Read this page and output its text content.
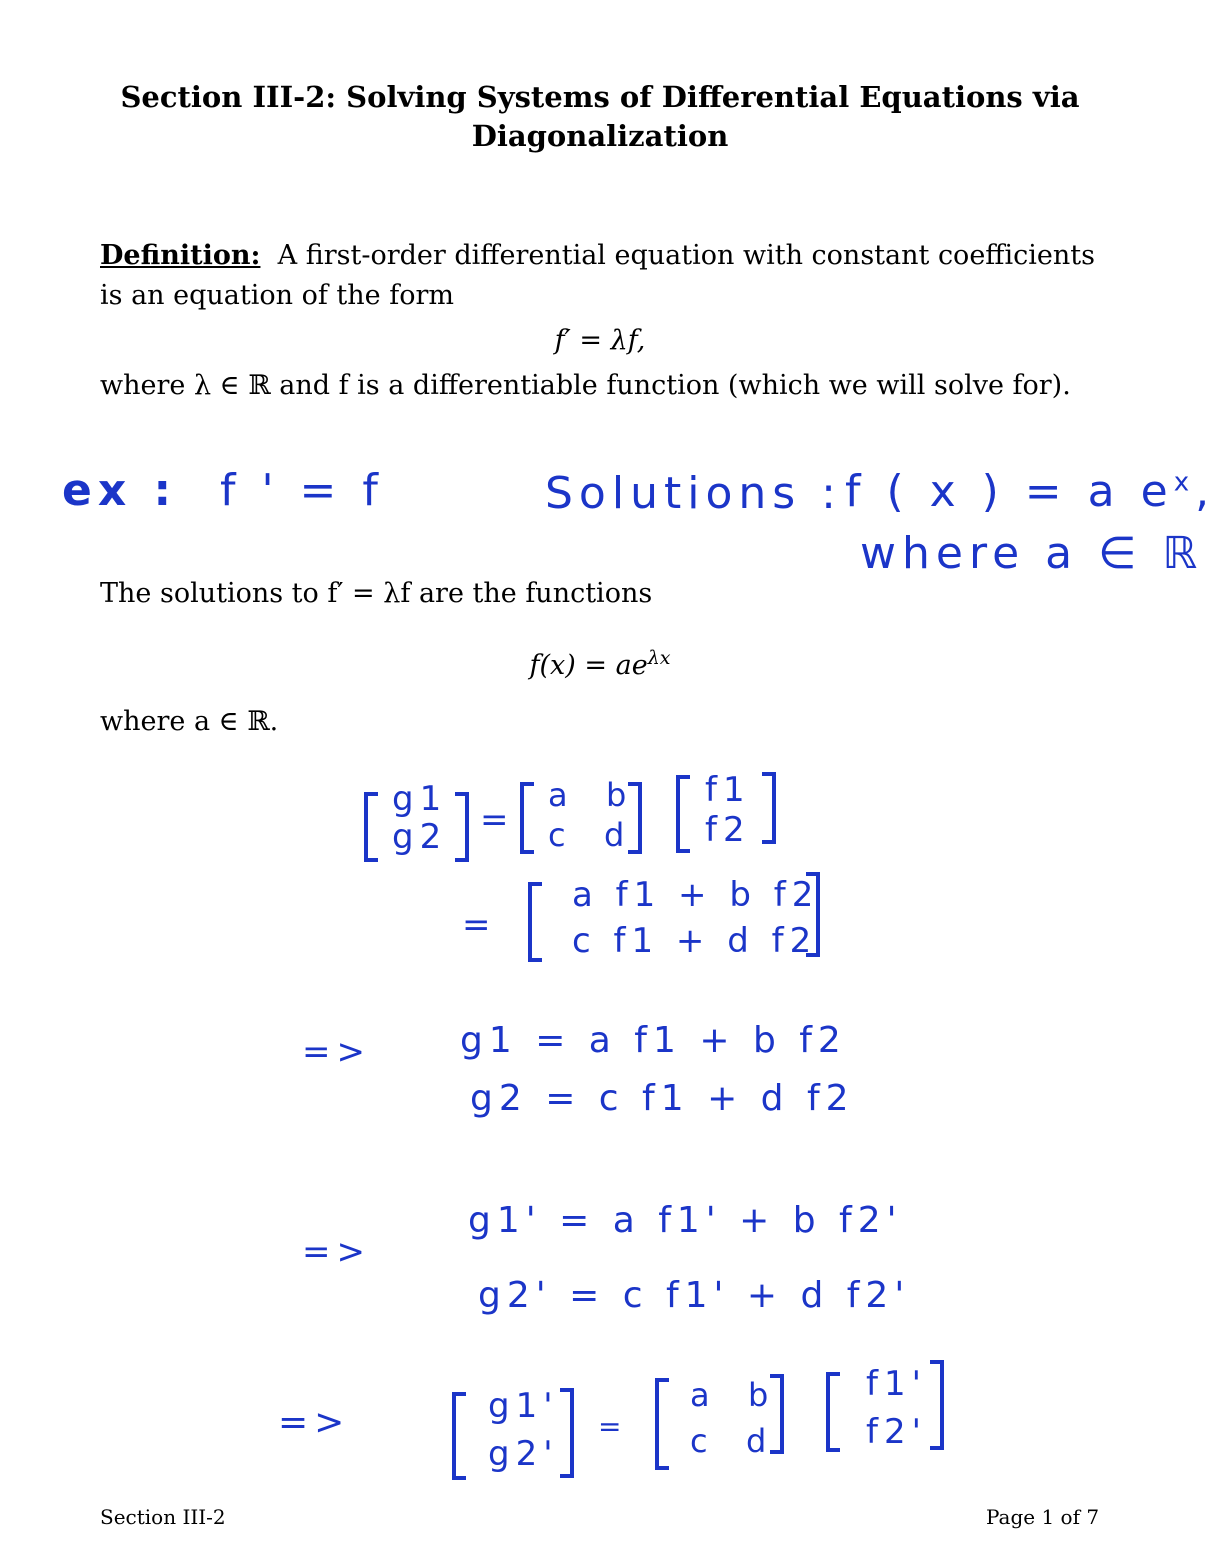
Section III-2: Solving Systems of Differential Equations via
Diagonalization
Definition: A first-order differential equation with constant coefficients
is an equation of the form
f′ = λf,
where λ ∈ ℝ and f is a differentiable function (which we will solve for).
ex : f ' = f	Solutions : f ( x ) = a $e^x$,
where a ∈ ℝ
The solutions to f′ = λf are the functions
$f(x) = ae^{\lambda x}$
where a ∈ ℝ.
g1
g2 =
a b
c d
f1
f2
=
a f1 + b f2
c f1 + d f2
=> g1 = a f1 + b f2
g2 = c f1 + d f2
=>
g1' = a f1' + b f2'
g2' = c f1' + d f2'
=>	g1'
g2'
=
a b
c d
f1'
f2'
Section III-2	Page 1 of 7
